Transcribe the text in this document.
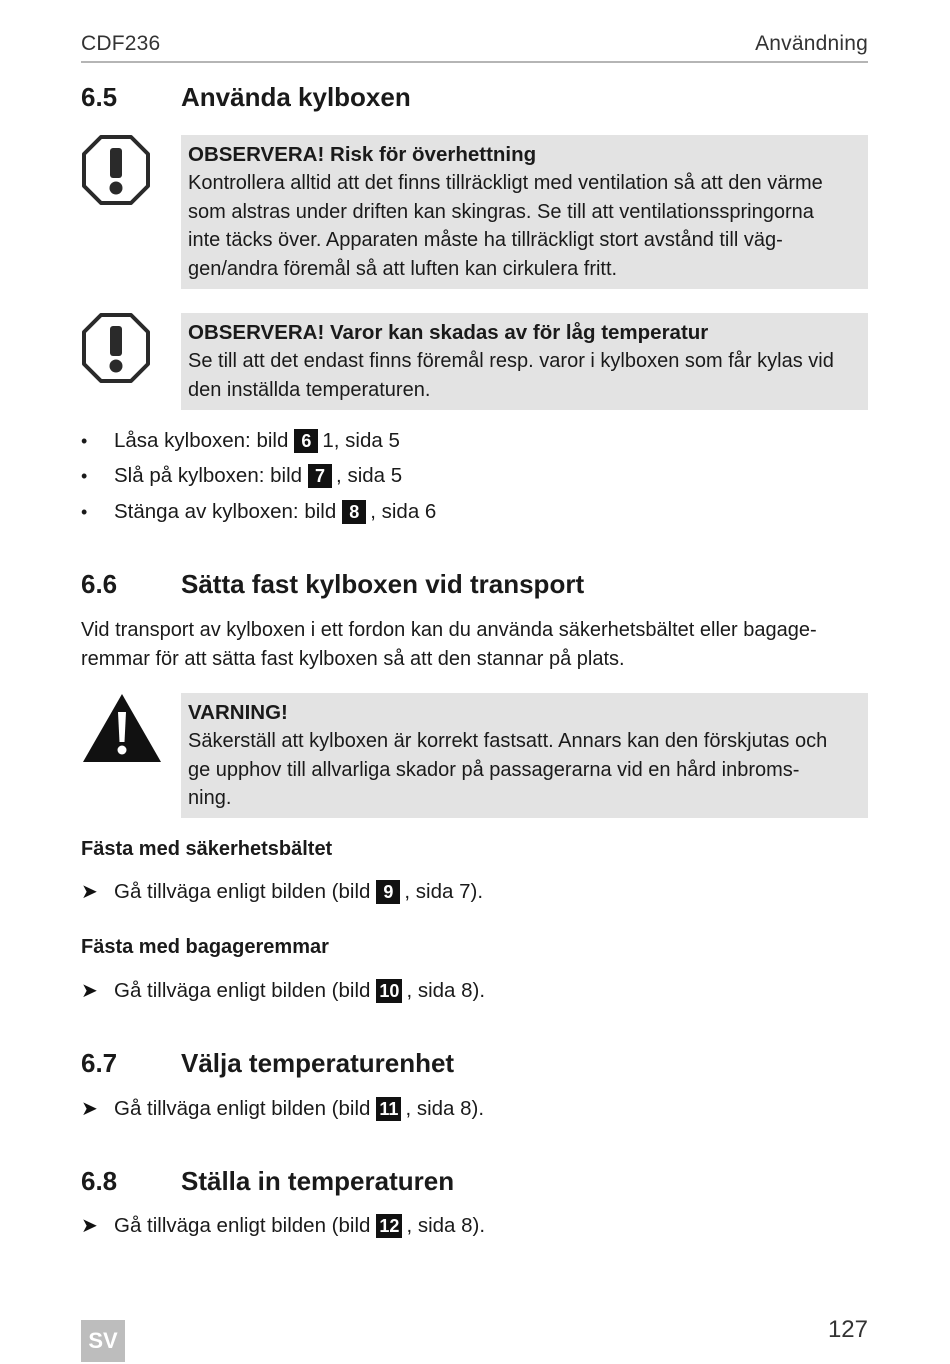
CDF236	Användning
6.5 Använda kylboxen
OBSERVERA! Risk för överhettning
Kontrollera alltid att det finns tillräckligt med ventilation så att den värme
som alstras under driften kan skingras. Se till att ventilationsspringorna
inte täcks över. Apparaten måste ha tillräckligt stort avstånd till väg-
gen/andra föremål så att luften kan cirkulera fritt.
OBSERVERA! Varor kan skadas av för låg temperatur
Se till att det endast finns föremål resp. varor i kylboxen som får kylas vid
den inställda temperaturen.
•	Låsa kylboxen: bild 6 1, sida 5
•	Slå på kylboxen: bild 7 , sida 5
•	Stänga av kylboxen: bild 8 , sida 6
6.6 Sätta fast kylboxen vid transport
Vid transport av kylboxen i ett fordon kan du använda säkerhetsbältet eller bagage-
remmar för att sätta fast kylboxen så att den stannar på plats.
VARNING!
Säkerställ att kylboxen är korrekt fastsatt. Annars kan den förskjutas och
ge upphov till allvarliga skador på passagerarna vid en hård inbroms-
ning.
Fästa med säkerhetsbältet
➤ Gå tillväga enligt bilden (bild 9 , sida 7).
Fästa med bagageremmar
➤ Gå tillväga enligt bilden (bild 10 , sida 8).
6.7 Välja temperaturenhet
➤ Gå tillväga enligt bilden (bild 11 , sida 8).
6.8 Ställa in temperaturen
➤ Gå tillväga enligt bilden (bild 12 , sida 8).
SV	127
